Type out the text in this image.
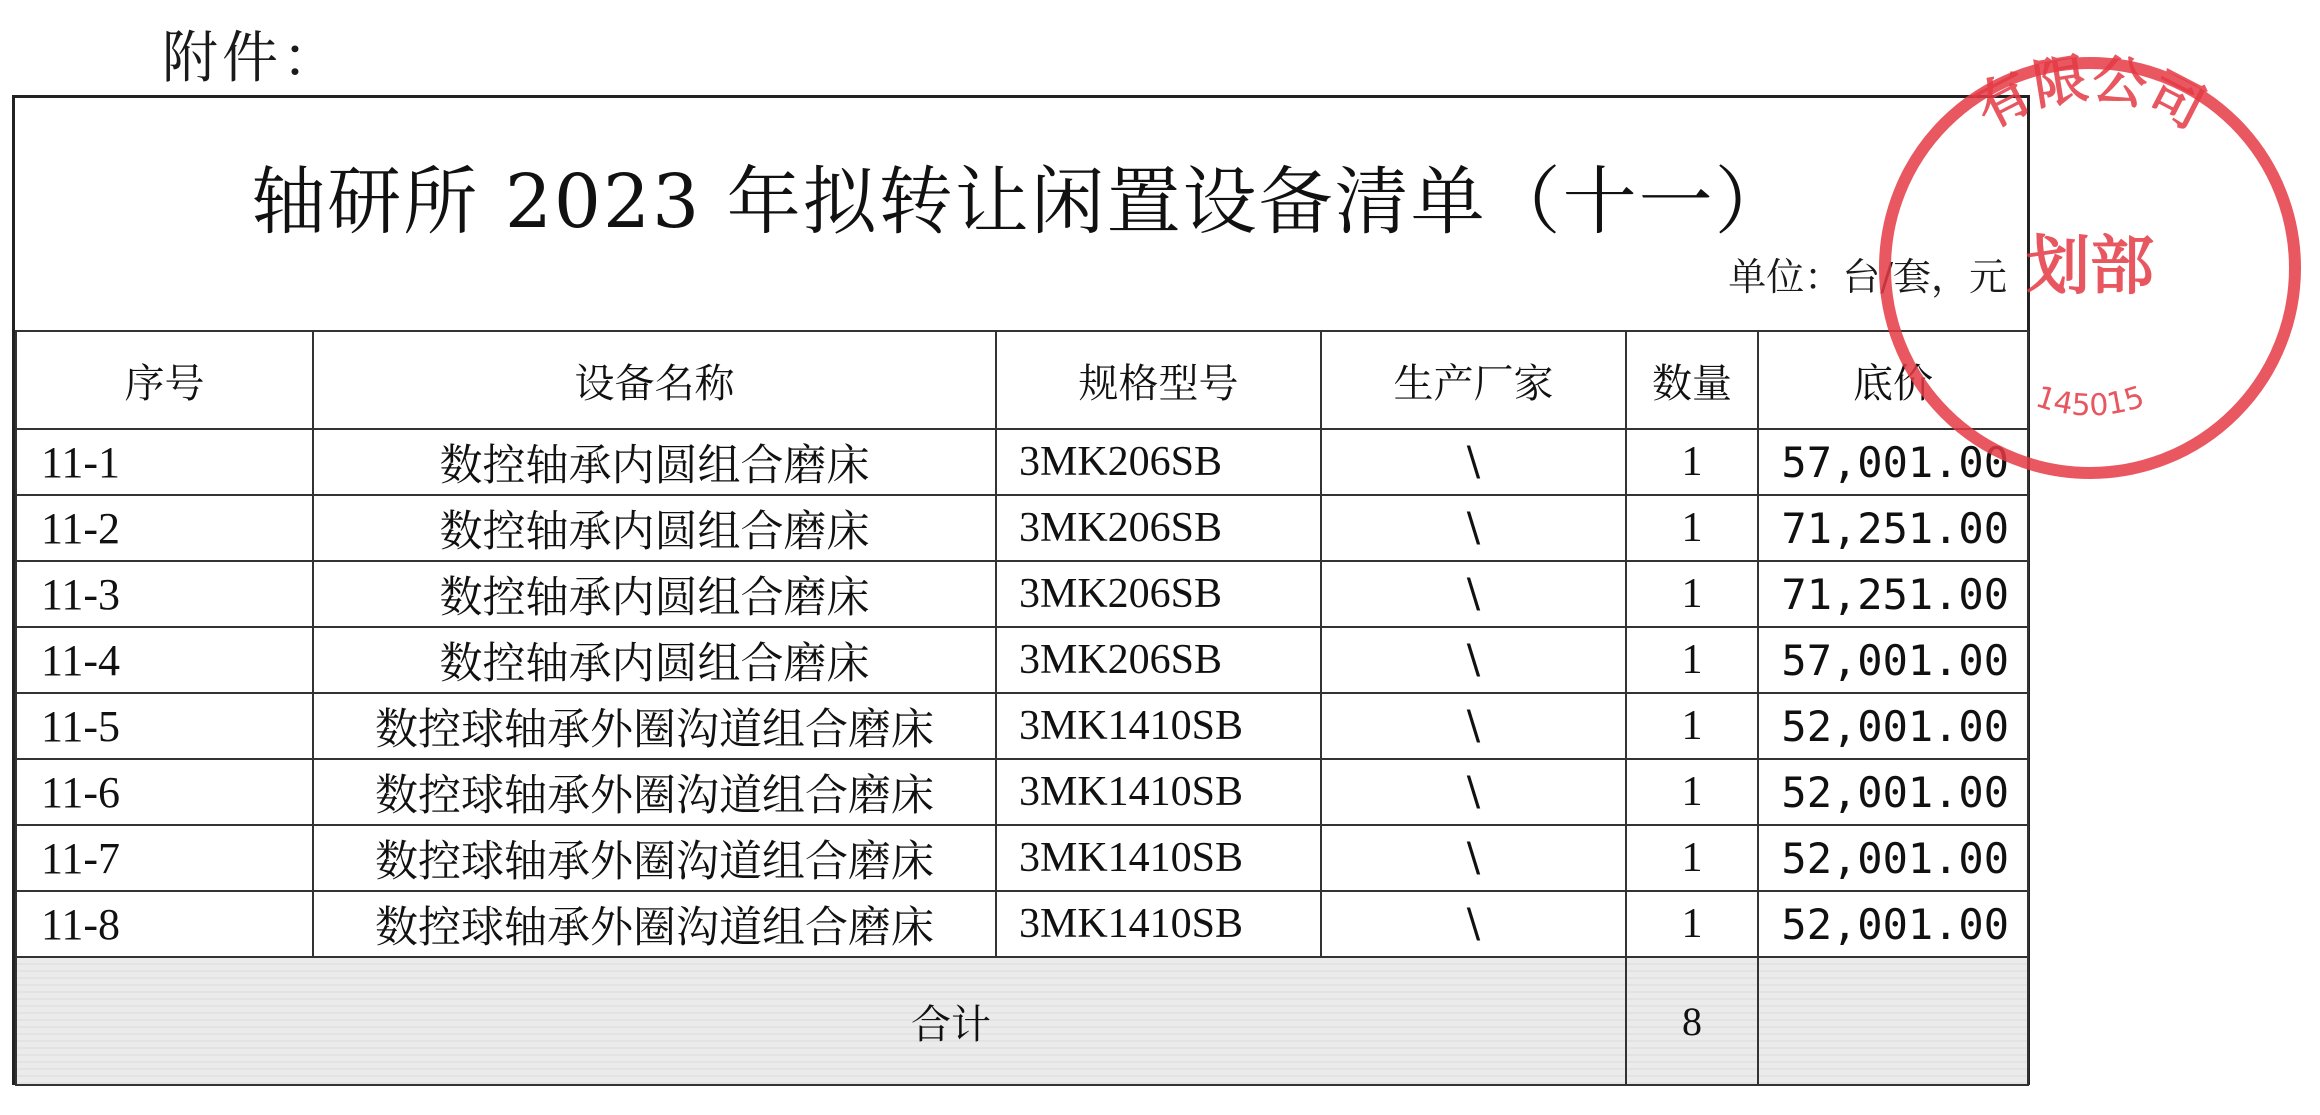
附件：
轴研所 2023 年拟转让闲置设备清单（十一）
单位：台/套，元
序号	设备名称	规格型号	生产厂家	数量	底价
11-1	数控轴承内圆组合磨床	3MK206SB	\	1	57,001.00
11-2	数控轴承内圆组合磨床	3MK206SB	\	1	71,251.00
11-3	数控轴承内圆组合磨床	3MK206SB	\	1	71,251.00
11-4	数控轴承内圆组合磨床	3MK206SB	\	1	57,001.00
11-5	数控球轴承外圈沟道组合磨床	3MK1410SB	\	1	52,001.00
11-6	数控球轴承外圈沟道组合磨床	3MK1410SB	\	1	52,001.00
11-7	数控球轴承外圈沟道组合磨床	3MK1410SB	\	1	52,001.00
11-8	数控球轴承外圈沟道组合磨床	3MK1410SB	\	1	52,001.00
合计				8	
有限公司
划部
145015
